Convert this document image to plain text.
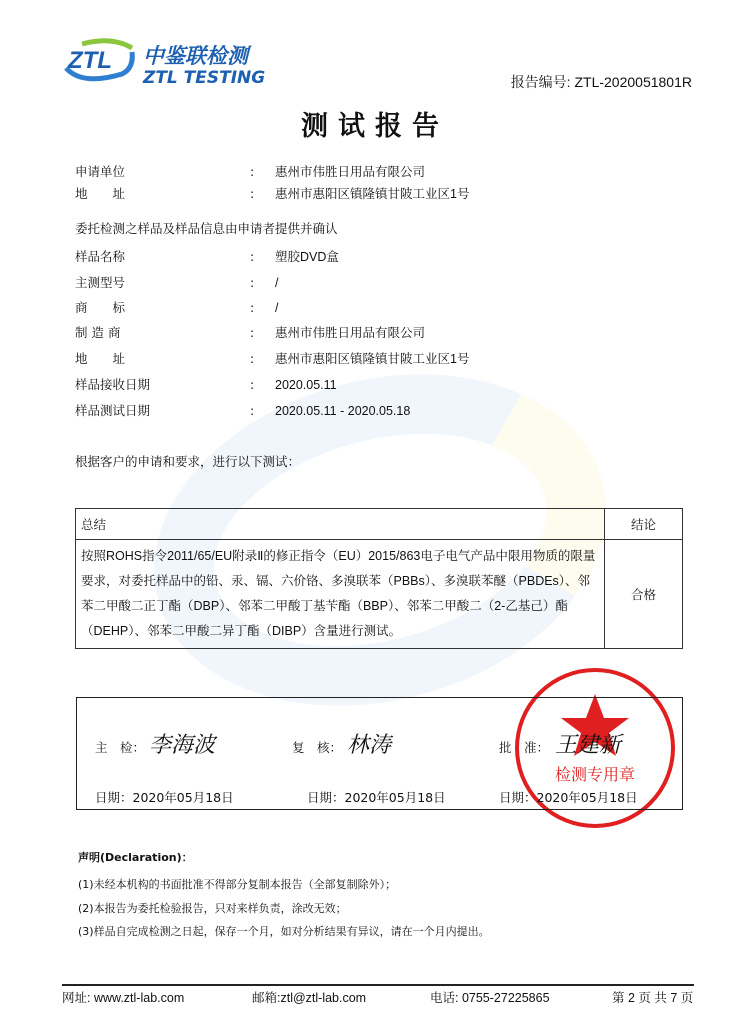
ZTL 中鉴联检测
ZTL TESTING	报告编号: ZTL-2020051801R
测试报告
申请单位	: 惠州市伟胜日用品有限公司
地　　址	: 惠州市惠阳区镇隆镇甘陂工业区1号
委托检测之样品及样品信息由申请者提供并确认
样品名称	: 塑胶DVD盒
主测型号	: /
商　　标	: /
制 造 商	: 惠州市伟胜日用品有限公司
地　　址	: 惠州市惠阳区镇隆镇甘陂工业区1号
样品接收日期	: 2020.05.11
样品测试日期	: 2020.05.11 - 2020.05.18
根据客户的申请和要求，进行以下测试：
总结	结论
按照ROHS指令2011/65/EU附录Ⅱ的修正指令（EU）2015/863电子电气产品中限用物质的限量要求，对委托样品中的铅、汞、镉、六价铬、多溴联苯（PBBs）、多溴联苯醚（PBDEs）、邻苯二甲酸二正丁酯（DBP）、邻苯二甲酸丁基苄酯（BBP）、邻苯二甲酸二（2-乙基己）酯（DEHP）、邻苯二甲酸二异丁酯（DIBP）含量进行测试。	合格
检测专用章
主　检： 李海波	复　核： 林涛	批　准： 王建新
日期：2020年05月18日	日期：2020年05月18日	日期：2020年05月18日
声明(Declaration)：
(1)未经本机构的书面批准不得部分复制本报告（全部复制除外）；
(2)本报告为委托检验报告，只对来样负责，涂改无效；
(3)样品自完成检测之日起，保存一个月，如对分析结果有异议，请在一个月内提出。
网址: www.ztl-lab.com	邮箱:ztl@ztl-lab.com	电话: 0755-27225865	第 2 页 共 7 页
